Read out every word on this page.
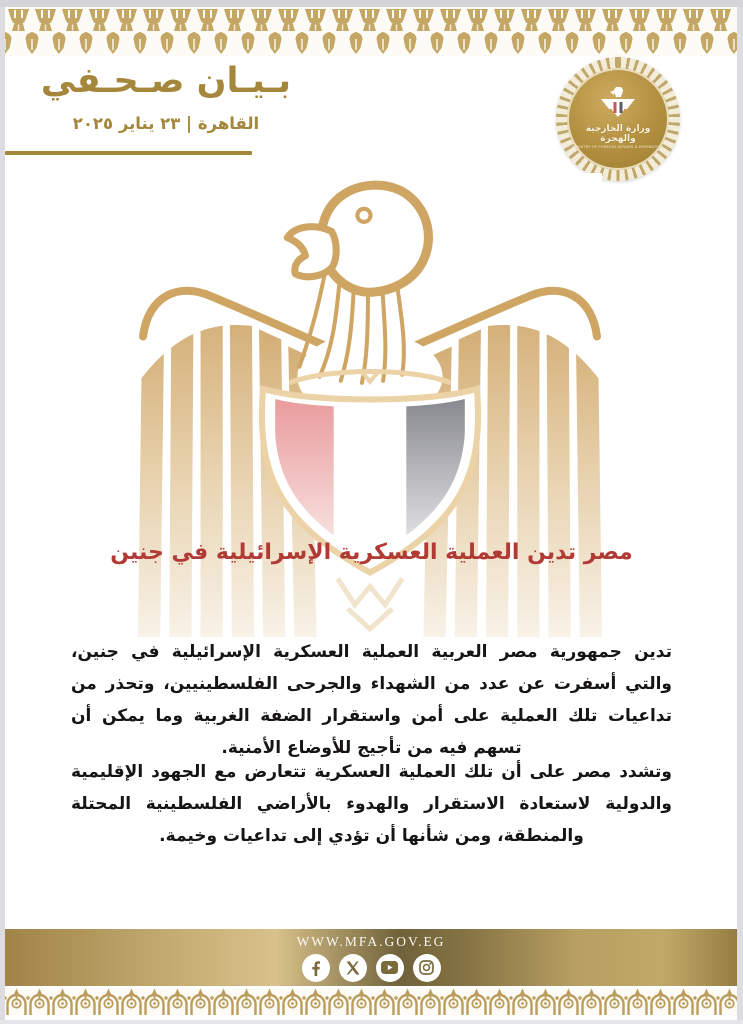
بـيـان صـحـفي
القاهرة | ٢٣ يناير ٢٠٢٥	وزارة الخارجية والهجرة
MINISTRY OF FOREIGN AFFAIRS & EMIGRATION
مصر تدين العملية العسكرية الإسرائيلية في جنين

تدين جمهورية مصر العربية العملية العسكرية الإسرائيلية في جنين، والتي أسفرت عن عدد من الشهداء والجرحى الفلسطينيين، وتحذر من تداعيات تلك العملية على أمن واستقرار الضفة الغربية وما يمكن أن تسهم فيه من تأجيج للأوضاع الأمنية.

وتشدد مصر على أن تلك العملية العسكرية تتعارض مع الجهود الإقليمية والدولية لاستعادة الاستقرار والهدوء بالأراضي الفلسطينية المحتلة والمنطقة، ومن شأنها أن تؤدي إلى تداعيات وخيمة.

WWW.MFA.GOV.EG
